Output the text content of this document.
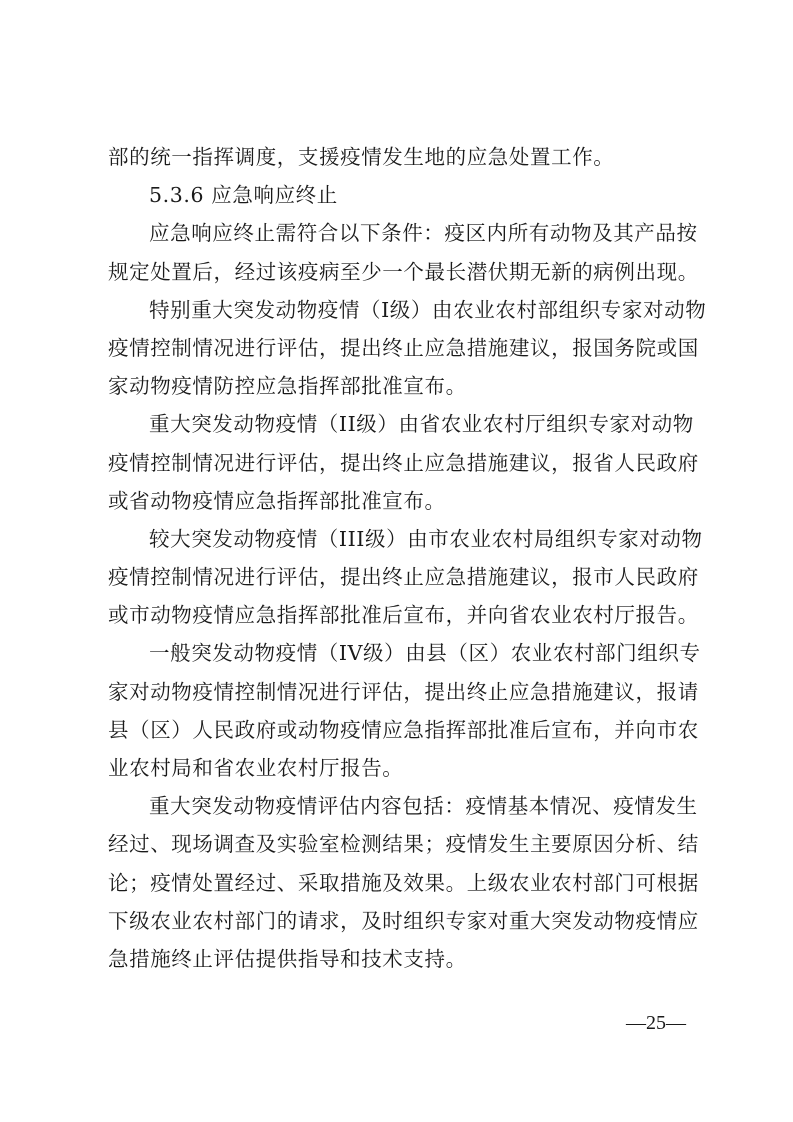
部的统一指挥调度，支援疫情发生地的应急处置工作。
5.3.6 应急响应终止
应急响应终止需符合以下条件：疫区内所有动物及其产品按
规定处置后，经过该疫病至少一个最长潜伏期无新的病例出现。
特别重大突发动物疫情（I级）由农业农村部组织专家对动物
疫情控制情况进行评估，提出终止应急措施建议，报国务院或国
家动物疫情防控应急指挥部批准宣布。
重大突发动物疫情（II级）由省农业农村厅组织专家对动物
疫情控制情况进行评估，提出终止应急措施建议，报省人民政府
或省动物疫情应急指挥部批准宣布。
较大突发动物疫情（III级）由市农业农村局组织专家对动物
疫情控制情况进行评估，提出终止应急措施建议，报市人民政府
或市动物疫情应急指挥部批准后宣布，并向省农业农村厅报告。
一般突发动物疫情（IV级）由县（区）农业农村部门组织专
家对动物疫情控制情况进行评估，提出终止应急措施建议，报请
县（区）人民政府或动物疫情应急指挥部批准后宣布，并向市农
业农村局和省农业农村厅报告。
重大突发动物疫情评估内容包括：疫情基本情况、疫情发生
经过、现场调查及实验室检测结果；疫情发生主要原因分析、结
论；疫情处置经过、采取措施及效果。上级农业农村部门可根据
下级农业农村部门的请求，及时组织专家对重大突发动物疫情应
急措施终止评估提供指导和技术支持。
—25—
